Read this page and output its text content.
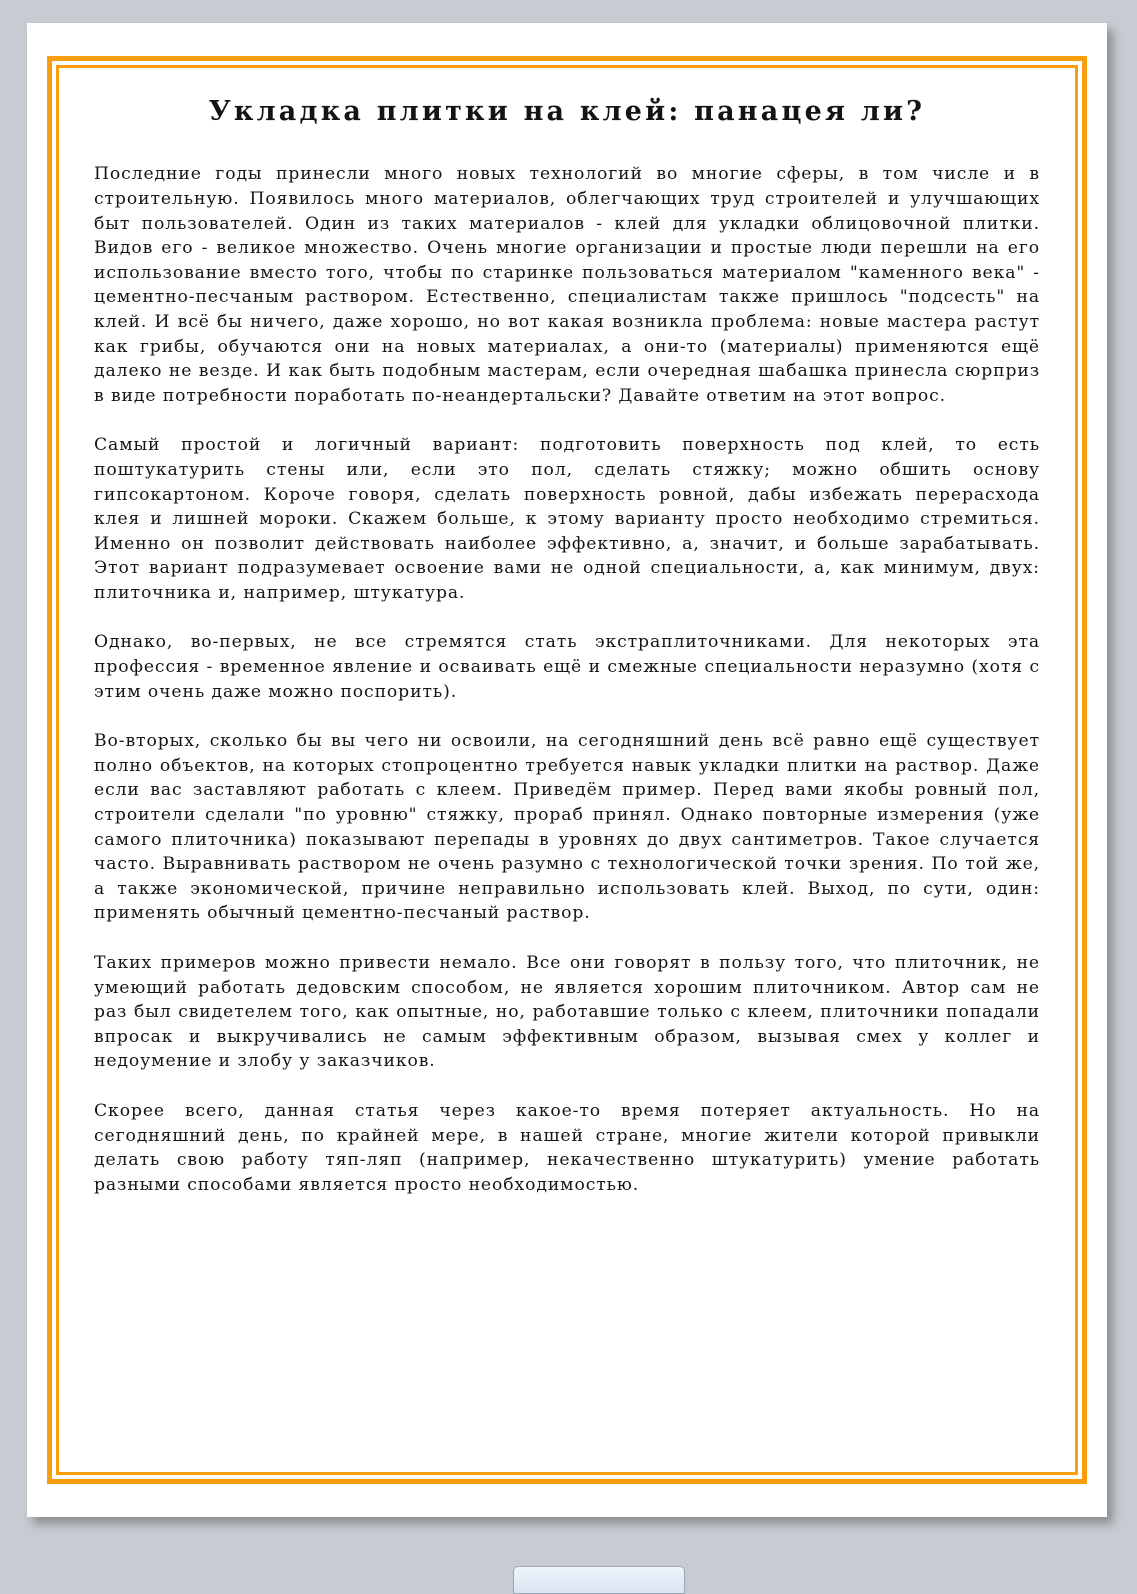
Укладка плитки на клей: панацея ли?

Последние годы принесли много новых технологий во многие сферы, в том числе и в строительную. Появилось много материалов, облегчающих труд строителей и улучшающих быт пользователей. Один из таких материалов - клей для укладки облицовочной плитки. Видов его - великое множество. Очень многие организации и простые люди перешли на его использование вместо того, чтобы по старинке пользоваться материалом "каменного века" - цементно-песчаным раствором. Естественно, специалистам также пришлось "подсесть" на клей. И всё бы ничего, даже хорошо, но вот какая возникла проблема: новые мастера растут как грибы, обучаются они на новых материалах, а они-то (материалы) применяются ещё далеко не везде. И как быть подобным мастерам, если очередная шабашка принесла сюрприз в виде потребности поработать по-неандертальски? Давайте ответим на этот вопрос.

Самый простой и логичный вариант: подготовить поверхность под клей, то есть поштукатурить стены или, если это пол, сделать стяжку; можно обшить основу гипсокартоном. Короче говоря, сделать поверхность ровной, дабы избежать перерасхода клея и лишней мороки. Скажем больше, к этому варианту просто необходимо стремиться. Именно он позволит действовать наиболее эффективно, а, значит, и больше зарабатывать. Этот вариант подразумевает освоение вами не одной специальности, а, как минимум, двух: плиточника и, например, штукатура.

Однако, во-первых, не все стремятся стать экстраплиточниками. Для некоторых эта профессия - временное явление и осваивать ещё и смежные специальности неразумно (хотя с этим очень даже можно поспорить).

Во-вторых, сколько бы вы чего ни освоили, на сегодняшний день всё равно ещё существует полно объектов, на которых стопроцентно требуется навык укладки плитки на раствор. Даже если вас заставляют работать с клеем. Приведём пример. Перед вами якобы ровный пол, строители сделали "по уровню" стяжку, прораб принял. Однако повторные измерения (уже самого плиточника) показывают перепады в уровнях до двух сантиметров. Такое случается часто. Выравнивать раствором не очень разумно с технологической точки зрения. По той же, а также экономической, причине неправильно использовать клей. Выход, по сути, один: применять обычный цементно-песчаный раствор.

Таких примеров можно привести немало. Все они говорят в пользу того, что плиточник, не умеющий работать дедовским способом, не является хорошим плиточником. Автор сам не раз был свидетелем того, как опытные, но, работавшие только с клеем, плиточники попадали впросак и выкручивались не самым эффективным образом, вызывая смех у коллег и недоумение и злобу у заказчиков.

Скорее всего, данная статья через какое-то время потеряет актуальность. Но на сегодняшний день, по крайней мере, в нашей стране, многие жители которой привыкли делать свою работу тяп-ляп (например, некачественно штукатурить) умение работать разными способами является просто необходимостью.
